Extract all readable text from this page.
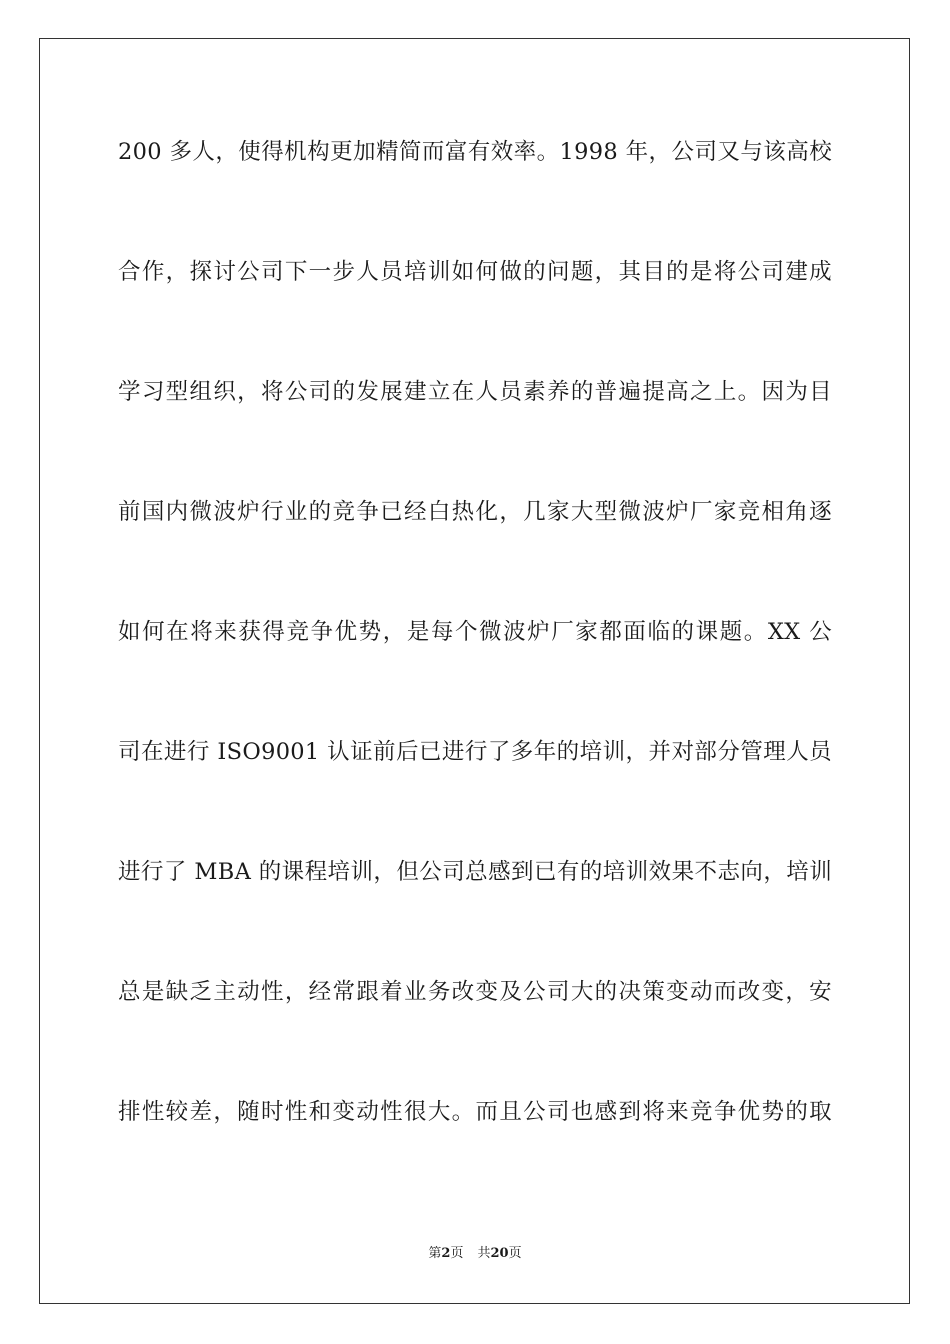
200 多人，使得机构更加精简而富有效率。1998 年，公司又与该高校
合作，探讨公司下一步人员培训如何做的问题，其目的是将公司建成
学习型组织，将公司的发展建立在人员素养的普遍提高之上。因为目
前国内微波炉行业的竞争已经白热化，几家大型微波炉厂家竞相角逐
如何在将来获得竞争优势，是每个微波炉厂家都面临的课题。XX 公
司在进行 ISO9001 认证前后已进行了多年的培训，并对部分管理人员
进行了 MBA 的课程培训，但公司总感到已有的培训效果不志向，培训
总是缺乏主动性，经常跟着业务改变及公司大的决策变动而改变，安
排性较差，随时性和变动性很大。而且公司也感到将来竞争优势的取
第2页 共20页
